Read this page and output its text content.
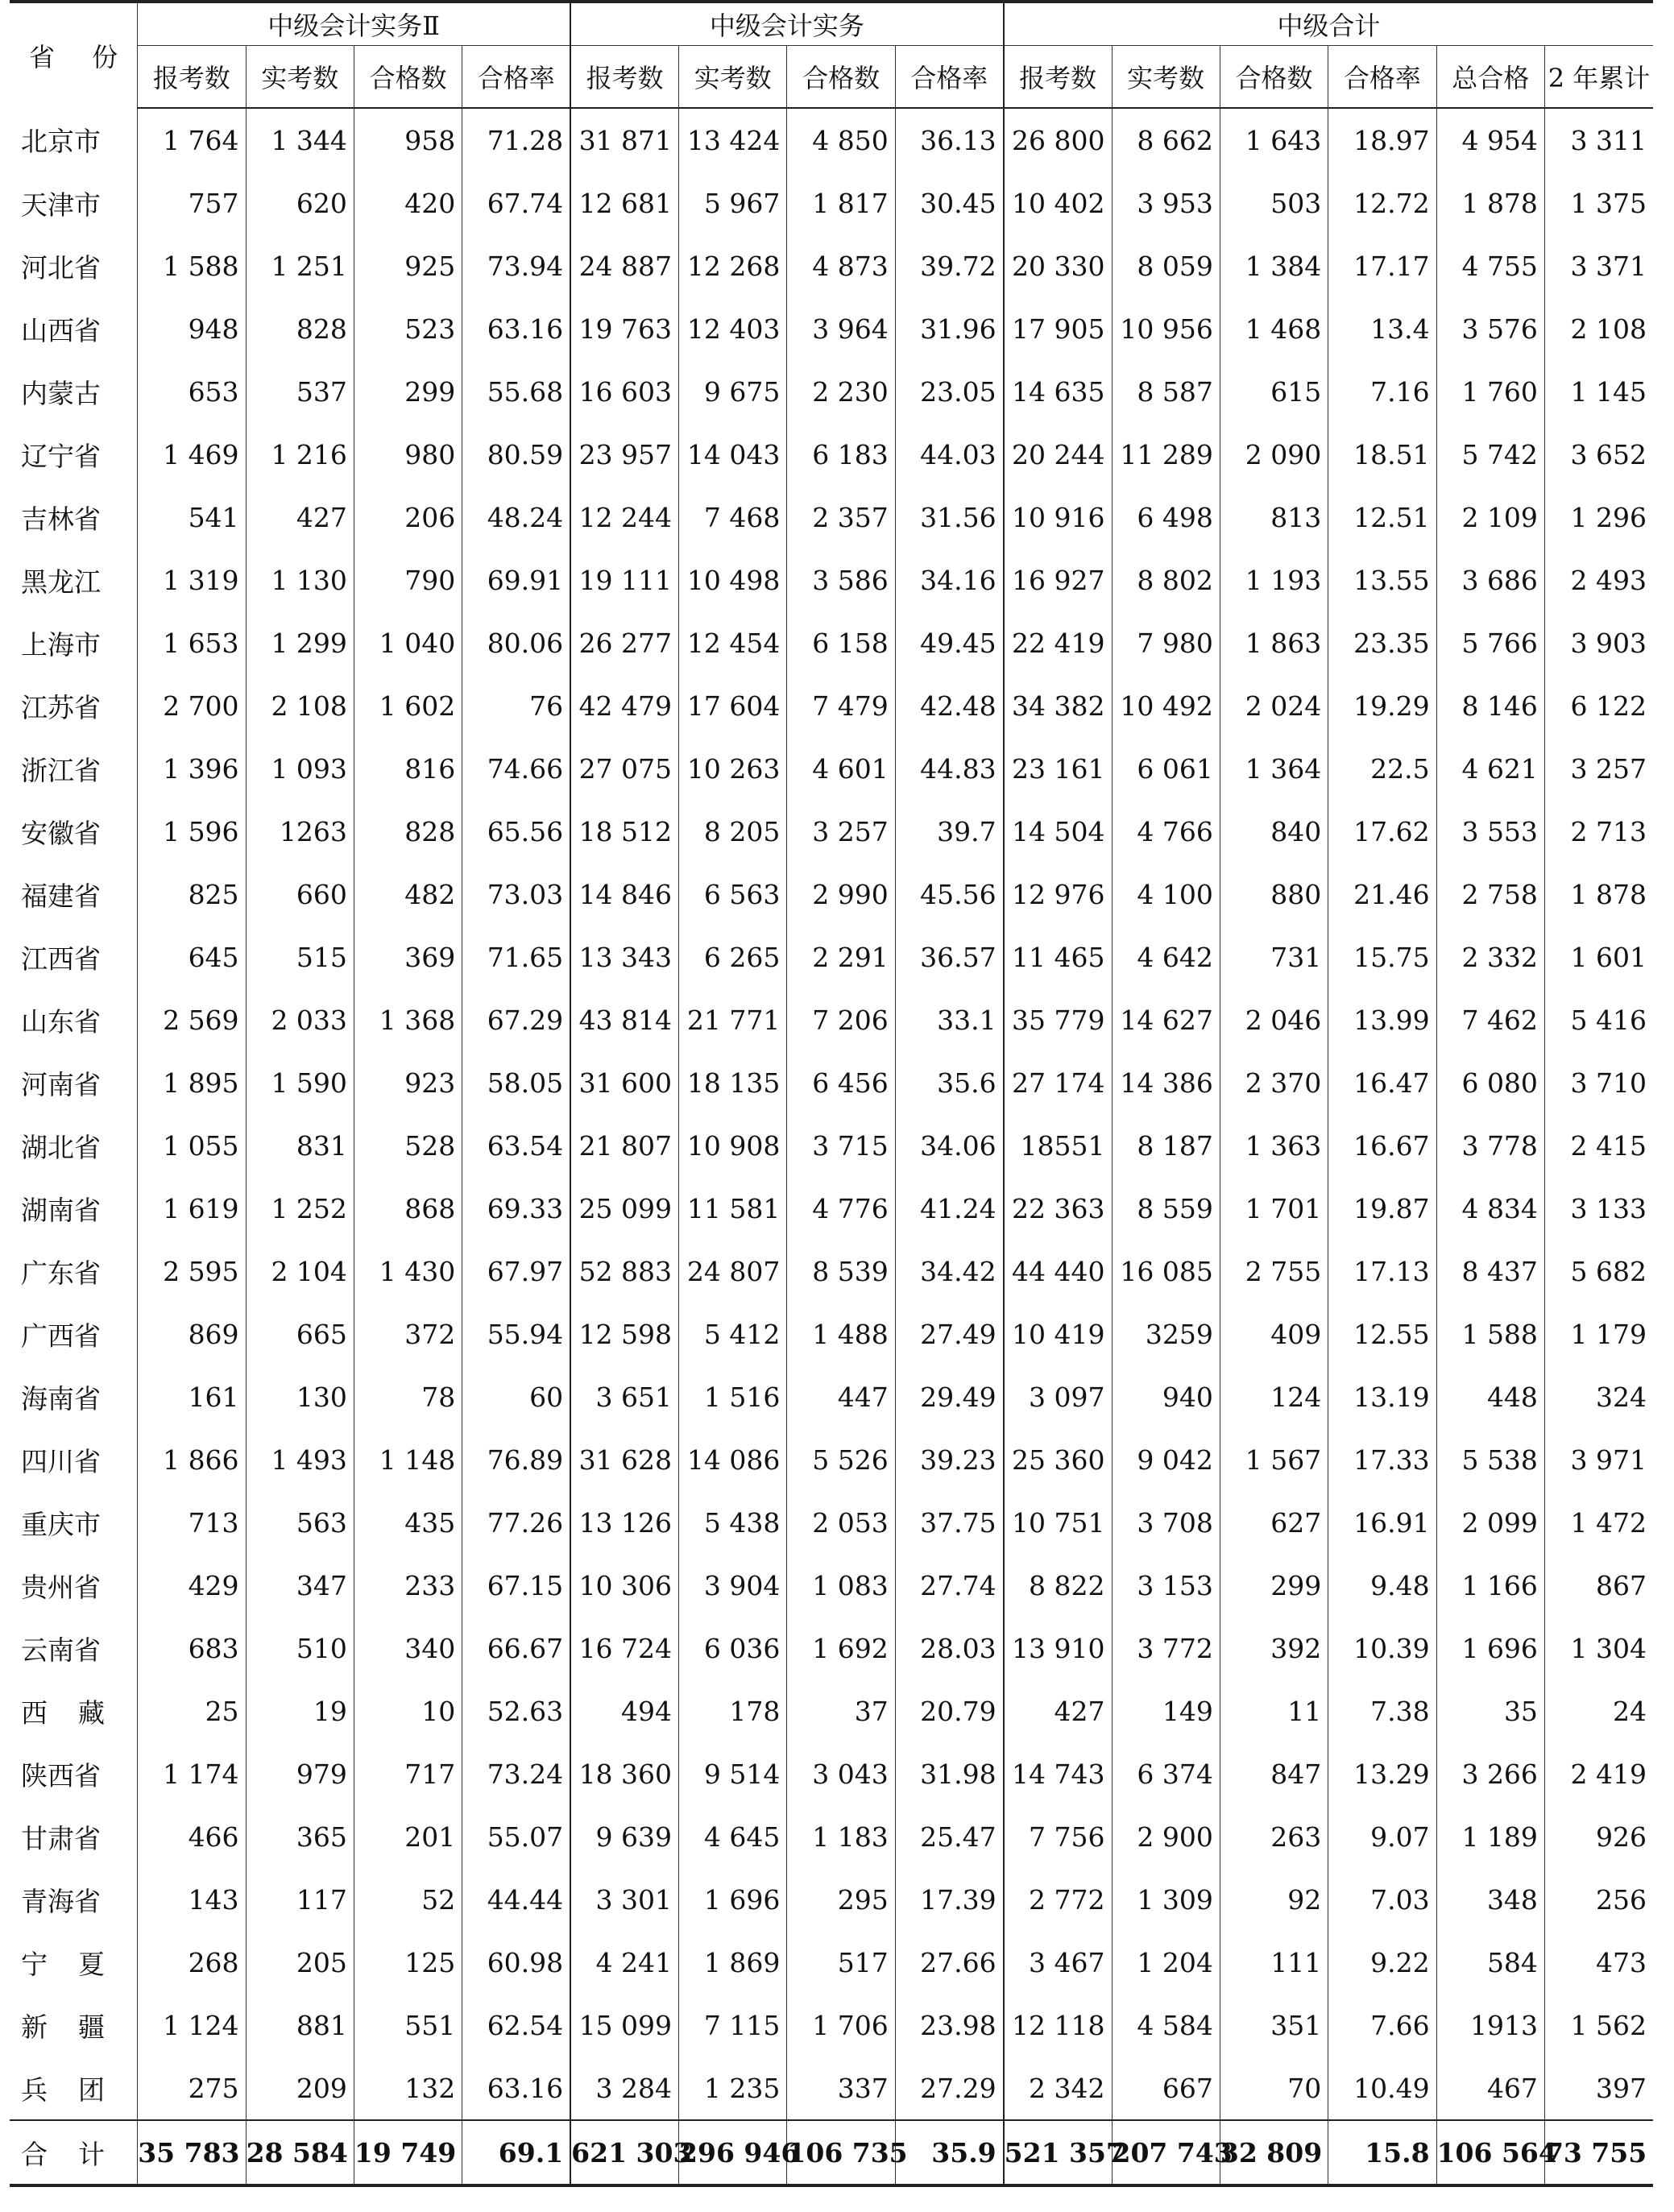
省 份	中级会计实务Ⅱ				中级会计实务				中级合计					
	报考数	实考数	合格数	合格率	报考数	实考数	合格数	合格率	报考数	实考数	合格数	合格率	总合格	2 年累计
北京市	1 764	1 344	958	71.28	31 871	13 424	4 850	36.13	26 800	8 662	1 643	18.97	4 954	3 311
天津市	757	620	420	67.74	12 681	5 967	1 817	30.45	10 402	3 953	503	12.72	1 878	1 375
河北省	1 588	1 251	925	73.94	24 887	12 268	4 873	39.72	20 330	8 059	1 384	17.17	4 755	3 371
山西省	948	828	523	63.16	19 763	12 403	3 964	31.96	17 905	10 956	1 468	13.4	3 576	2 108
内蒙古	653	537	299	55.68	16 603	9 675	2 230	23.05	14 635	8 587	615	7.16	1 760	1 145
辽宁省	1 469	1 216	980	80.59	23 957	14 043	6 183	44.03	20 244	11 289	2 090	18.51	5 742	3 652
吉林省	541	427	206	48.24	12 244	7 468	2 357	31.56	10 916	6 498	813	12.51	2 109	1 296
黑龙江	1 319	1 130	790	69.91	19 111	10 498	3 586	34.16	16 927	8 802	1 193	13.55	3 686	2 493
上海市	1 653	1 299	1 040	80.06	26 277	12 454	6 158	49.45	22 419	7 980	1 863	23.35	5 766	3 903
江苏省	2 700	2 108	1 602	76	42 479	17 604	7 479	42.48	34 382	10 492	2 024	19.29	8 146	6 122
浙江省	1 396	1 093	816	74.66	27 075	10 263	4 601	44.83	23 161	6 061	1 364	22.5	4 621	3 257
安徽省	1 596	1263	828	65.56	18 512	8 205	3 257	39.7	14 504	4 766	840	17.62	3 553	2 713
福建省	825	660	482	73.03	14 846	6 563	2 990	45.56	12 976	4 100	880	21.46	2 758	1 878
江西省	645	515	369	71.65	13 343	6 265	2 291	36.57	11 465	4 642	731	15.75	2 332	1 601
山东省	2 569	2 033	1 368	67.29	43 814	21 771	7 206	33.1	35 779	14 627	2 046	13.99	7 462	5 416
河南省	1 895	1 590	923	58.05	31 600	18 135	6 456	35.6	27 174	14 386	2 370	16.47	6 080	3 710
湖北省	1 055	831	528	63.54	21 807	10 908	3 715	34.06	18551	8 187	1 363	16.67	3 778	2 415
湖南省	1 619	1 252	868	69.33	25 099	11 581	4 776	41.24	22 363	8 559	1 701	19.87	4 834	3 133
广东省	2 595	2 104	1 430	67.97	52 883	24 807	8 539	34.42	44 440	16 085	2 755	17.13	8 437	5 682
广西省	869	665	372	55.94	12 598	5 412	1 488	27.49	10 419	3259	409	12.55	1 588	1 179
海南省	161	130	78	60	3 651	1 516	447	29.49	3 097	940	124	13.19	448	324
四川省	1 866	1 493	1 148	76.89	31 628	14 086	5 526	39.23	25 360	9 042	1 567	17.33	5 538	3 971
重庆市	713	563	435	77.26	13 126	5 438	2 053	37.75	10 751	3 708	627	16.91	2 099	1 472
贵州省	429	347	233	67.15	10 306	3 904	1 083	27.74	8 822	3 153	299	9.48	1 166	867
云南省	683	510	340	66.67	16 724	6 036	1 692	28.03	13 910	3 772	392	10.39	1 696	1 304
西藏	25	19	10	52.63	494	178	37	20.79	427	149	11	7.38	35	24
陕西省	1 174	979	717	73.24	18 360	9 514	3 043	31.98	14 743	6 374	847	13.29	3 266	2 419
甘肃省	466	365	201	55.07	9 639	4 645	1 183	25.47	7 756	2 900	263	9.07	1 189	926
青海省	143	117	52	44.44	3 301	1 696	295	17.39	2 772	1 309	92	7.03	348	256
宁夏	268	205	125	60.98	4 241	1 869	517	27.66	3 467	1 204	111	9.22	584	473
新疆	1 124	881	551	62.54	15 099	7 115	1 706	23.98	12 118	4 584	351	7.66	1913	1 562
兵团	275	209	132	63.16	3 284	1 235	337	27.29	2 342	667	70	10.49	467	397
合计	35 783	28 584	19 749	69.1	621 303	296 946	106 735	35.9	521 357	207 743	32 809	15.8	106 564	73 755
